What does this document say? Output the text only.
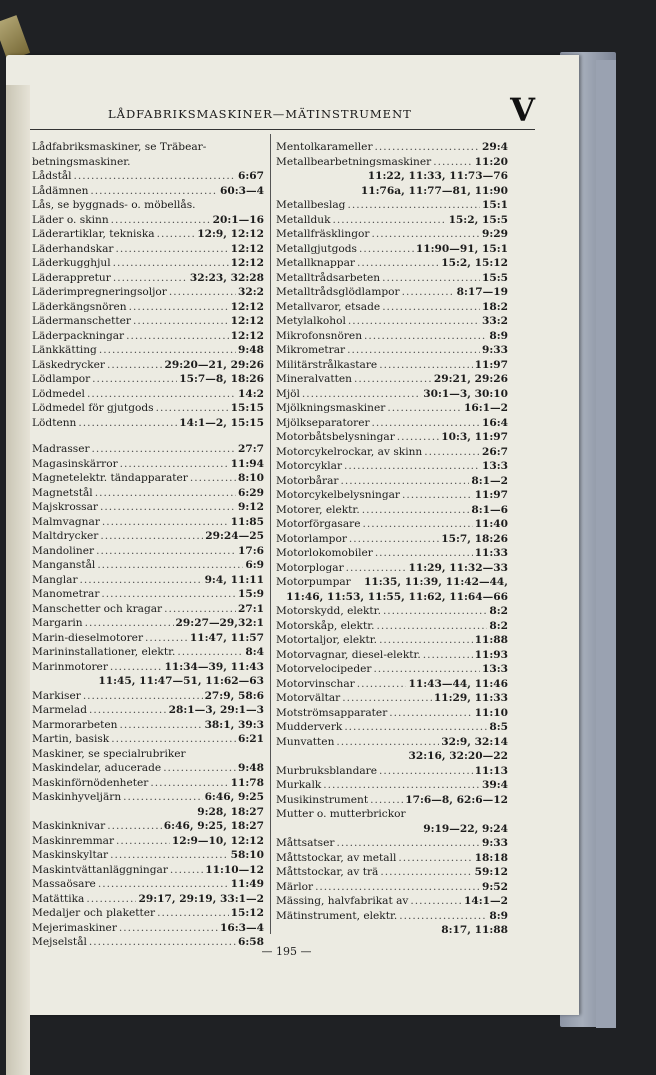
LÅDFABRIKSMASKINER—MÄTINSTRUMENT	V
Lådfabriksmaskiner, se Träbear-
betningsmaskiner.
Lådstål .....	6:67
Lådämnen .....	60:3—4
Lås, se byggnads- o. möbellås.
Läder o. skinn .....	20:1—16
Läderartiklar, tekniska .....	12:9, 12:12
Läderhandskar .....	12:12
Läderkugghjul .....	12:12
Läderappretur .....	32:23, 32:28
Läderimpregneringsoljor .....	32:2
Läderkängsnören .....	12:12
Lädermanschetter .....	12:12
Läderpackningar .....	12:12
Länkkätting .....	9:48
Läskedrycker .....	29:20—21, 29:26
Lödlampor .....	15:7—8, 18:26
Lödmedel .....	14:2
Lödmedel för gjutgods .....	15:15
Lödtenn .....	14:1—2, 15:15
Madrasser .....	27:7
Magasinskärror .....	11:94
Magnetelektr. tändapparater .....	8:10
Magnetstål .....	6:29
Majskrossar .....	9:12
Malmvagnar .....	11:85
Maltdrycker .....	29:24—25
Mandoliner .....	17:6
Manganstål .....	6:9
Manglar .....	9:4, 11:11
Manometrar .....	15:9
Manschetter och kragar .....	27:1
Margarin .....	29:27—29,32:1
Marin-dieselmotorer .....	11:47, 11:57
Marininstallationer, elektr. .....	8:4
Marinmotorer .....	11:34—39, 11:43
11:45, 11:47—51, 11:62—63
Markiser .....	27:9, 58:6
Marmelad .....	28:1—3, 29:1—3
Marmorarbeten .....	38:1, 39:3
Martin, basisk .....	6:21
Maskiner, se specialrubriker
Maskindelar, aducerade .....	9:48
Maskinförnödenheter .....	11:78
Maskinhyveljärn .....	6:46, 9:25
9:28, 18:27
Maskinknivar .....	6:46, 9:25, 18:27
Maskinremmar .....	12:9—10, 12:12
Maskinskyltar .....	58:10
Maskintvättanläggningar .....	11:10—12
Massaösare .....	11:49
Matättika .....	29:17, 29:19, 33:1—2
Medaljer och plaketter .....	15:12
Mejerimaskiner .....	16:3—4
Mejselstål .....	6:58
Mentolkarameller .....	29:4
Metallbearbetningsmaskiner .....	11:20
11:22, 11:33, 11:73—76
11:76a, 11:77—81, 11:90
Metallbeslag .....	15:1
Metallduk .....	15:2, 15:5
Metallfräsklingor .....	9:29
Metallgjutgods .....	11:90—91, 15:1
Metallknappar .....	15:2, 15:12
Metalltrådsarbeten .....	15:5
Metalltrådsglödlampor .....	8:17—19
Metallvaror, etsade .....	18:2
Metylalkohol .....	33:2
Mikrofonsnören .....	8:9
Mikrometrar .....	9:33
Militärstrålkastare .....	11:97
Mineralvatten .....	29:21, 29:26
Mjöl .....	30:1—3, 30:10
Mjölkningsmaskiner .....	16:1—2
Mjölkseparatorer .....	16:4
Motorbåtsbelysningar .....	10:3, 11:97
Motorcykelrockar, av skinn .....	26:7
Motorcyklar .....	13:3
Motorbårar .....	8:1—2
Motorcykelbelysningar .....	11:97
Motorer, elektr. .....	8:1—6
Motorförgasare .....	11:40
Motorlampor .....	15:7, 18:26
Motorlokomobiler .....	11:33
Motorplogar .....	11:29, 11:32—33
Motorpumpar 11:35, 11:39, 11:42—44,
11:46, 11:53, 11:55, 11:62, 11:64—66
Motorskydd, elektr. .....	8:2
Motorskåp, elektr. .....	8:2
Motortaljor, elektr. .....	11:88
Motorvagnar, diesel-elektr. .....	11:93
Motorvelocipeder .....	13:3
Motorvinschar .....	11:43—44, 11:46
Motorvältar .....	11:29, 11:33
Motströmsapparater .....	11:10
Mudderverk .....	8:5
Munvatten .....	32:9, 32:14
32:16, 32:20—22
Murbruksblandare .....	11:13
Murkalk .....	39:4
Musikinstrument .....	17:6—8, 62:6—12
Mutter o. mutterbrickor
9:19—22, 9:24
Måttsatser .....	9:33
Måttstockar, av metall .....	18:18
Måttstockar, av trä .....	59:12
Märlor .....	9:52
Mässing, halvfabrikat av .....	14:1—2
Mätinstrument, elektr. .....	8:9
8:17, 11:88
— 195 —
